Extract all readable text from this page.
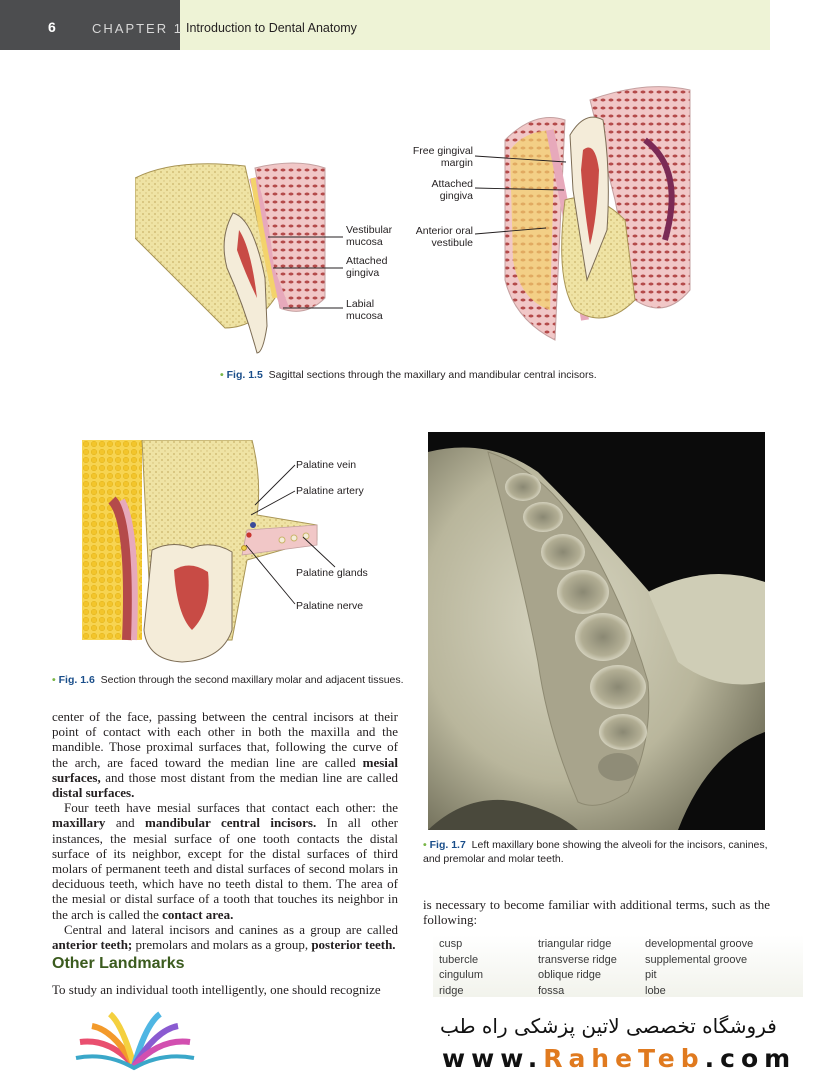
6	CHAPTER 1 Introduction to Dental Anatomy
Vestibular
mucosa
Attached
gingiva
Labial
mucosa
Free gingival
margin
Attached
gingiva
Anterior oral
vestibule
• Fig. 1.5 Sagittal sections through the maxillary and mandibular central incisors.
Palatine vein
Palatine artery
Palatine glands
Palatine nerve
• Fig. 1.6 Section through the second maxillary molar and adjacent tissues.
• Fig. 1.7 Left maxillary bone showing the alveoli for the incisors, canines, and premolar and molar teeth.

center of the face, passing between the central incisors at their point of contact with each other in both the maxilla and the mandible. Those proximal surfaces that, following the curve of the arch, are faced toward the median line are called mesial surfaces, and those most distant from the median line are called distal surfaces.

Four teeth have mesial surfaces that contact each other: the maxillary and mandibular central incisors. In all other instances, the mesial surface of one tooth contacts the distal surface of its neighbor, except for the distal surfaces of third molars of permanent teeth and distal surfaces of second molars in deciduous teeth, which have no teeth distal to them. The area of the mesial or distal surface of a tooth that touches its neighbor in the arch is called the contact area.

Central and lateral incisors and canines as a group are called anterior teeth; premolars and molars as a group, posterior teeth.

Other Landmarks
To study an individual tooth intelligently, one should recognize
is necessary to become familiar with additional terms, such as the following:
cusp
tubercle
cingulum
ridge
triangular ridge
transverse ridge
oblique ridge
fossa
developmental groove
supplemental groove
pit
lobe
فروشگاه تخصصی لاتین پزشکی راه طب
www.RaheTeb.com
